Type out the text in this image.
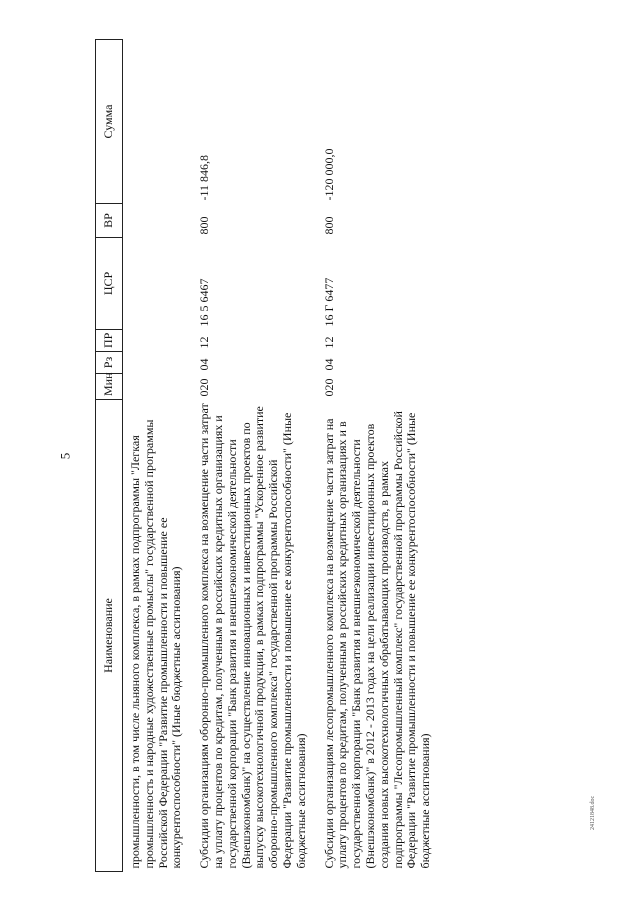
5
Наименование	Мин	Рз	ПР	ЦСР	ВР	Сумма
промышленности, в том числе льняного комплекса, в рамках подпрограммы "Легкая промышленность и народные художественные промыслы" государственной программы Российской Федерации "Развитие промышленности и повышение ее конкурентоспособности" (Иные бюджетные ассигнования)						
Субсидии организациям оборонно-промышленного комплекса на возмещение части затрат на уплату процентов по кредитам, полученным в российских кредитных организациях и государственной корпорации "Банк развития и внешнеэкономической деятельности (Внешэкономбанк)" на осуществление инновационных и инвестиционных проектов по выпуску высокотехнологичной продукции, в рамках подпрограммы "Ускоренное развитие оборонно-промышленного комплекса" государственной программы Российской Федерации "Развитие промышленности и повышение ее конкурентоспособности" (Иные бюджетные ассигнования)	020	04	12	16 5 6467	800	-11 846,8
Субсидии организациям лесопромышленного комплекса на возмещение части затрат на уплату процентов по кредитам, полученным в российских кредитных организациях и в государственной корпорации "Банк развития и внешнеэкономической деятельности (Внешэкономбанк)" в 2012 - 2013 годах на цели реализации инвестиционных проектов создания новых высокотехнологичных обрабатывающих производств, в рамках подпрограммы "Лесопромышленный комплекс" государственной программы Российской Федерации "Развитие промышленности и повышение ее конкурентоспособности" (Иные бюджетные ассигнования)	020	04	12	16 Г 6477	800	-120 000,0
24121848.doc
